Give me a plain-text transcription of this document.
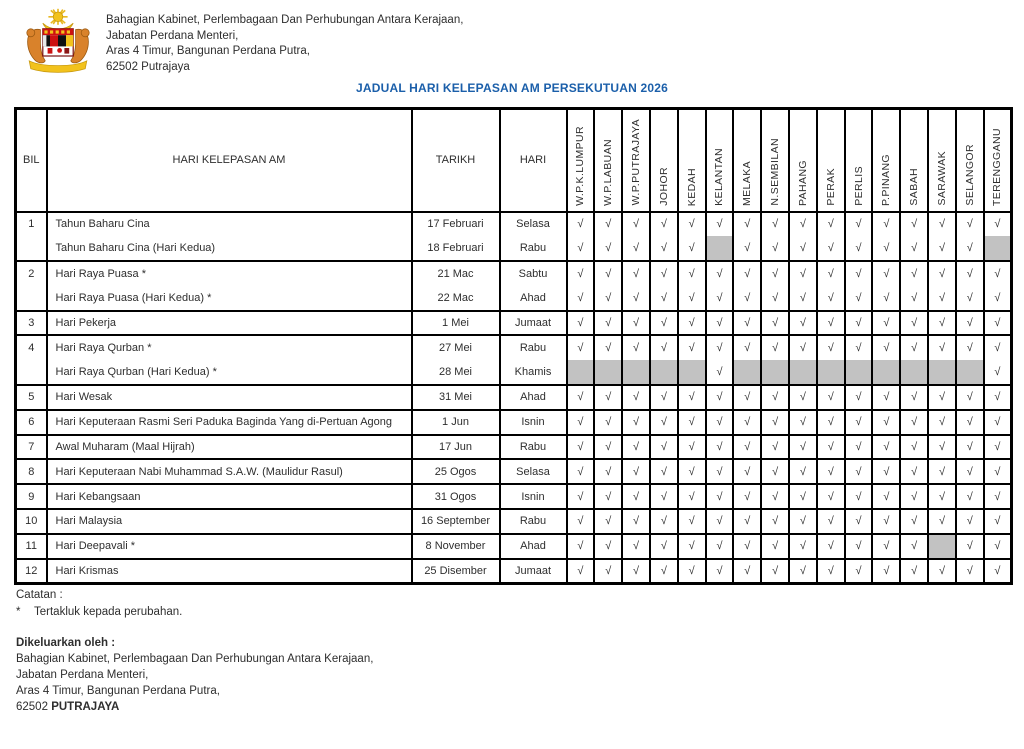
Bahagian Kabinet, Perlembagaan Dan Perhubungan Antara Kerajaan,
Jabatan Perdana Menteri,
Aras 4 Timur, Bangunan Perdana Putra,
62502 Putrajaya
JADUAL HARI KELEPASAN AM PERSEKUTUAN 2026
BIL	HARI KELEPASAN AM	TARIKH	HARI	W.P.K.LUMPUR	W.P.LABUAN	W.P.PUTRAJAYA	JOHOR	KEDAH	KELANTAN	MELAKA	N.SEMBILAN	PAHANG	PERAK	PERLIS	P.PINANG	SABAH	SARAWAK	SELANGOR	TERENGGANU

1	Tahun Baharu Cina	17 Februari	Selasa	√	√	√	√	√	√	√	√	√	√	√	√	√	√	√	√
	Tahun Baharu Cina (Hari Kedua)	18 Februari	Rabu	√	√	√	√	√		√	√	√	√	√	√	√	√	√	
2	Hari Raya Puasa *	21 Mac	Sabtu	√	√	√	√	√	√	√	√	√	√	√	√	√	√	√	√
	Hari Raya Puasa (Hari Kedua) *	22 Mac	Ahad	√	√	√	√	√	√	√	√	√	√	√	√	√	√	√	√
3	Hari Pekerja	1 Mei	Jumaat	√	√	√	√	√	√	√	√	√	√	√	√	√	√	√	√
4	Hari Raya Qurban *	27 Mei	Rabu	√	√	√	√	√	√	√	√	√	√	√	√	√	√	√	√
	Hari Raya Qurban (Hari Kedua) *	28 Mei	Khamis						√										√
5	Hari Wesak	31 Mei	Ahad	√	√	√	√	√	√	√	√	√	√	√	√	√	√	√	√
6	Hari Keputeraan Rasmi Seri Paduka Baginda Yang di-Pertuan Agong	1 Jun	Isnin	√	√	√	√	√	√	√	√	√	√	√	√	√	√	√	√
7	Awal Muharam (Maal Hijrah)	17 Jun	Rabu	√	√	√	√	√	√	√	√	√	√	√	√	√	√	√	√
8	Hari Keputeraan Nabi Muhammad S.A.W. (Maulidur Rasul)	25 Ogos	Selasa	√	√	√	√	√	√	√	√	√	√	√	√	√	√	√	√
9	Hari Kebangsaan	31 Ogos	Isnin	√	√	√	√	√	√	√	√	√	√	√	√	√	√	√	√
10	Hari Malaysia	16 September	Rabu	√	√	√	√	√	√	√	√	√	√	√	√	√	√	√	√
11	Hari Deepavali *	8 November	Ahad	√	√	√	√	√	√	√	√	√	√	√	√	√		√	√
12	Hari Krismas	25 Disember	Jumaat	√	√	√	√	√	√	√	√	√	√	√	√	√	√	√	√
Catatan :
* Tertakluk kepada perubahan.
Dikeluarkan oleh :
Bahagian Kabinet, Perlembagaan Dan Perhubungan Antara Kerajaan,
Jabatan Perdana Menteri,
Aras 4 Timur, Bangunan Perdana Putra,
62502 PUTRAJAYA
